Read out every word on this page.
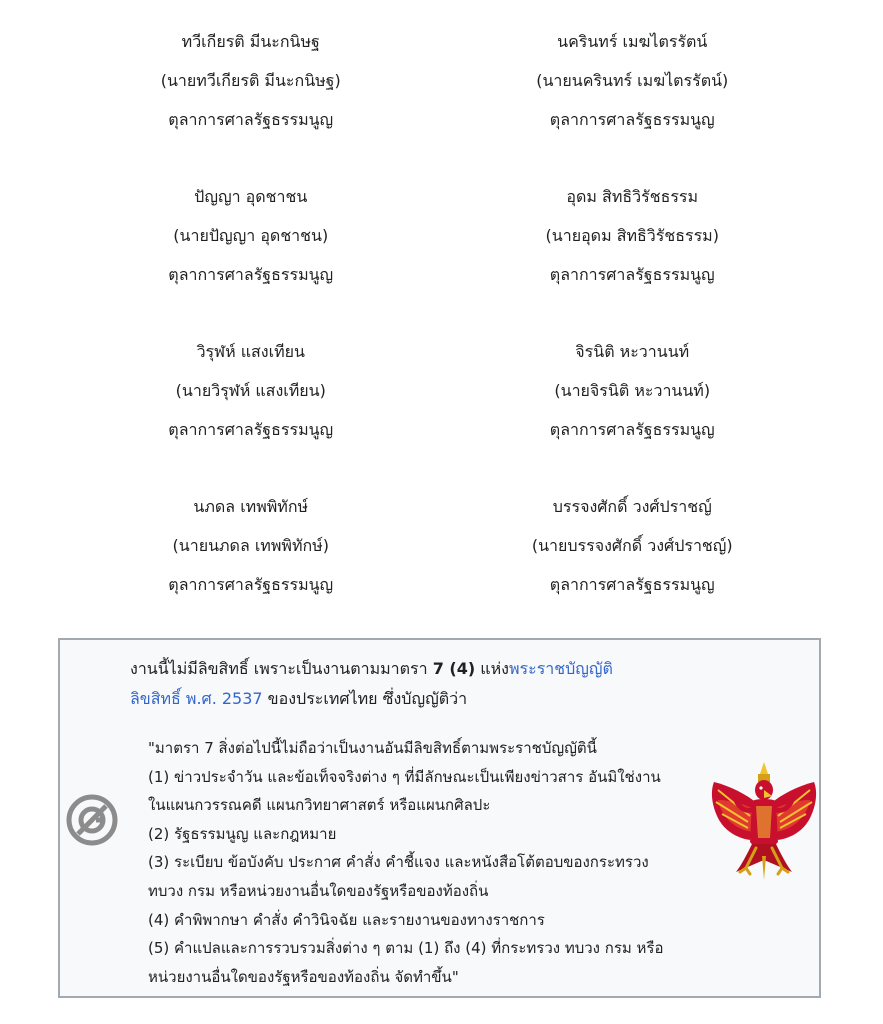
ทวีเกียรติ มีนะกนิษฐ
(นายทวีเกียรติ มีนะกนิษฐ)
ตุลาการศาลรัฐธรรมนูญ
นครินทร์ เมฆไตรรัตน์
(นายนครินทร์ เมฆไตรรัตน์)
ตุลาการศาลรัฐธรรมนูญ
ปัญญา อุดชาชน
(นายปัญญา อุดชาชน)
ตุลาการศาลรัฐธรรมนูญ
อุดม สิทธิวิรัชธรรม
(นายอุดม สิทธิวิรัชธรรม)
ตุลาการศาลรัฐธรรมนูญ
วิรุฬห์ แสงเทียน
(นายวิรุฬห์ แสงเทียน)
ตุลาการศาลรัฐธรรมนูญ
จิรนิติ หะวานนท์
(นายจิรนิติ หะวานนท์)
ตุลาการศาลรัฐธรรมนูญ
นภดล เทพพิทักษ์
(นายนภดล เทพพิทักษ์)
ตุลาการศาลรัฐธรรมนูญ
บรรจงศักดิ์ วงศ์ปราชญ์
(นายบรรจงศักดิ์ วงศ์ปราชญ์)
ตุลาการศาลรัฐธรรมนูญ
งานนี้ไม่มีลิขสิทธิ์ เพราะเป็นงานตามมาตรา 7 (4) แห่งพระราชบัญญัติ
ลิขสิทธิ์ พ.ศ. 2537 ของประเทศไทย ซึ่งบัญญัติว่า
"มาตรา 7 สิ่งต่อไปนี้ไม่ถือว่าเป็นงานอันมีลิขสิทธิ์ตามพระราชบัญญัตินี้
(1) ข่าวประจำวัน และข้อเท็จจริงต่าง ๆ ที่มีลักษณะเป็นเพียงข่าวสาร อันมิใช่งาน
ในแผนกวรรณคดี แผนกวิทยาศาสตร์ หรือแผนกศิลปะ
(2) รัฐธรรมนูญ และกฎหมาย
(3) ระเบียบ ข้อบังคับ ประกาศ คำสั่ง คำชี้แจง และหนังสือโต้ตอบของกระทรวง
ทบวง กรม หรือหน่วยงานอื่นใดของรัฐหรือของท้องถิ่น
(4) คำพิพากษา คำสั่ง คำวินิจฉัย และรายงานของทางราชการ
(5) คำแปลและการรวบรวมสิ่งต่าง ๆ ตาม (1) ถึง (4) ที่กระทรวง ทบวง กรม หรือ
หน่วยงานอื่นใดของรัฐหรือของท้องถิ่น จัดทำขึ้น"
